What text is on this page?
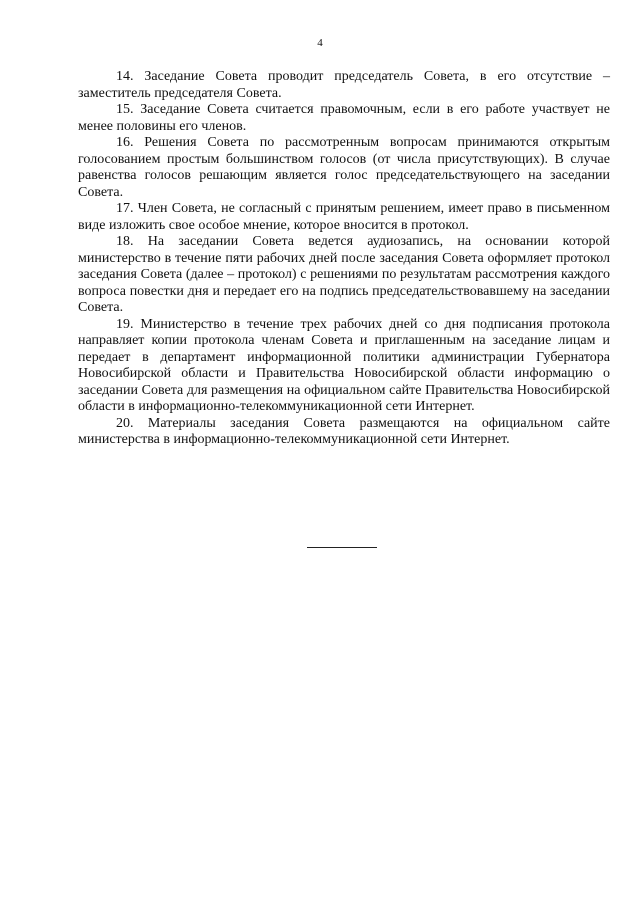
4

14. Заседание Совета проводит председатель Совета, в его отсутствие – заместитель председателя Совета.

15. Заседание Совета считается правомочным, если в его работе участвует не менее половины его членов.

16. Решения Совета по рассмотренным вопросам принимаются открытым голосованием простым большинством голосов (от числа присутствующих). В случае равенства голосов решающим является голос председательствующего на заседании Совета.

17. Член Совета, не согласный с принятым решением, имеет право в письменном виде изложить свое особое мнение, которое вносится в протокол.

18. На заседании Совета ведется аудиозапись, на основании которой министерство в течение пяти рабочих дней после заседания Совета оформляет протокол заседания Совета (далее – протокол) с решениями по результатам рассмотрения каждого вопроса повестки дня и передает его на подпись председательствовавшему на заседании Совета.

19. Министерство в течение трех рабочих дней со дня подписания протокола направляет копии протокола членам Совета и приглашенным на заседание лицам и передает в департамент информационной политики администрации Губернатора Новосибирской области и Правительства Новосибирской области информацию о заседании Совета для размещения на официальном сайте Правительства Новосибирской области в информационно-телекоммуникационной сети Интернет.

20. Материалы заседания Совета размещаются на официальном сайте министерства в информационно-телекоммуникационной сети Интернет.
